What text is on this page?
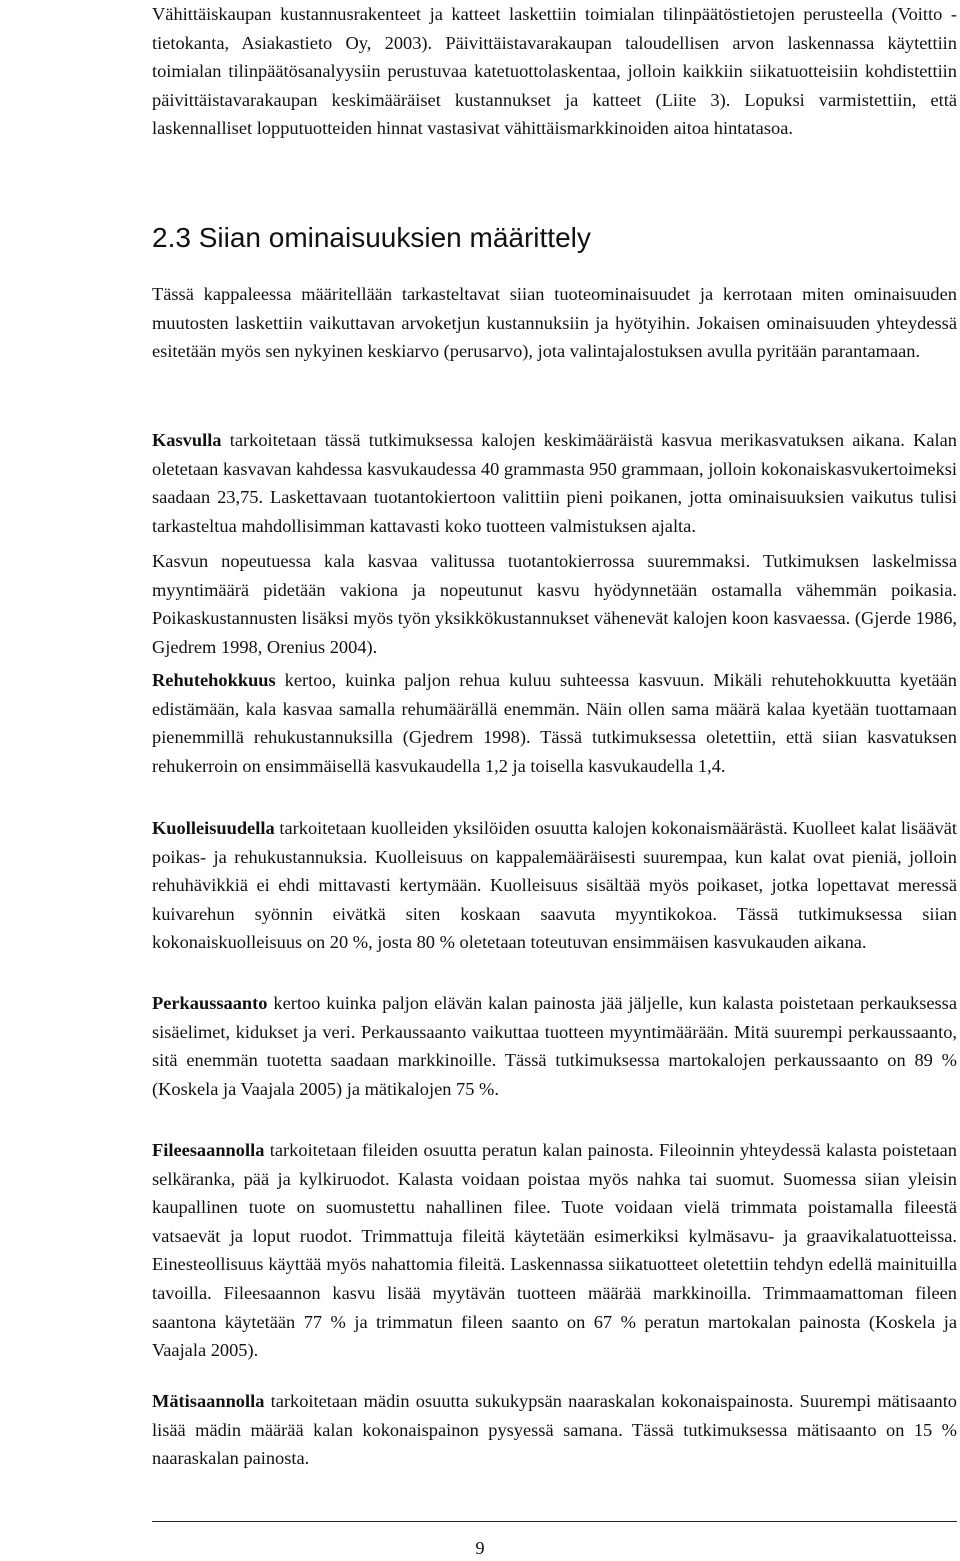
Vähittäiskaupan kustannusrakenteet ja katteet laskettiin toimialan tilinpäätöstietojen perusteella (Voitto -tietokanta, Asiakastieto Oy, 2003). Päivittäistavarakaupan taloudellisen arvon laskennassa käytettiin toimialan tilinpäätösanalyysiin perustuvaa katetuottolaskentaa, jolloin kaikkiin siikatuotteisiin kohdistettiin päivittäistavarakaupan keskimääräiset kustannukset ja katteet (Liite 3). Lopuksi varmistettiin, että laskennalliset lopputuotteiden hinnat vastasivat vähittäismarkkinoiden aitoa hintatasoa.

2.3 Siian ominaisuuksien määrittely

Tässä kappaleessa määritellään tarkasteltavat siian tuoteominaisuudet ja kerrotaan miten ominaisuuden muutosten laskettiin vaikuttavan arvoketjun kustannuksiin ja hyötyihin. Jokaisen ominaisuuden yhteydessä esitetään myös sen nykyinen keskiarvo (perusarvo), jota valintajalostuksen avulla pyritään parantamaan.

Kasvulla tarkoitetaan tässä tutkimuksessa kalojen keskimääräistä kasvua merikasvatuksen aikana. Kalan oletetaan kasvavan kahdessa kasvukaudessa 40 grammasta 950 grammaan, jolloin kokonaiskasvukertoimeksi saadaan 23,75. Laskettavaan tuotantokiertoon valittiin pieni poikanen, jotta ominaisuuksien vaikutus tulisi tarkasteltua mahdollisimman kattavasti koko tuotteen valmistuksen ajalta.

Kasvun nopeutuessa kala kasvaa valitussa tuotantokierrossa suuremmaksi. Tutkimuksen laskelmissa myyntimäärä pidetään vakiona ja nopeutunut kasvu hyödynnetään ostamalla vähemmän poikasia. Poikaskustannusten lisäksi myös työn yksikkökustannukset vähenevät kalojen koon kasvaessa. (Gjerde 1986, Gjedrem 1998, Orenius 2004).

Rehutehokkuus kertoo, kuinka paljon rehua kuluu suhteessa kasvuun. Mikäli rehutehokkuutta kyetään edistämään, kala kasvaa samalla rehumäärällä enemmän. Näin ollen sama määrä kalaa kyetään tuottamaan pienemmillä rehukustannuksilla (Gjedrem 1998). Tässä tutkimuksessa oletettiin, että siian kasvatuksen rehukerroin on ensimmäisellä kasvukaudella 1,2 ja toisella kasvukaudella 1,4.

Kuolleisuudella tarkoitetaan kuolleiden yksilöiden osuutta kalojen kokonaismäärästä. Kuolleet kalat lisäävät poikas- ja rehukustannuksia. Kuolleisuus on kappalemääräisesti suurempaa, kun kalat ovat pieniä, jolloin rehuhävikkiä ei ehdi mittavasti kertymään. Kuolleisuus sisältää myös poikaset, jotka lopettavat meressä kuivarehun syönnin eivätkä siten koskaan saavuta myyntikokoa. Tässä tutkimuksessa siian kokonaiskuolleisuus on 20 %, josta 80 % oletetaan toteutuvan ensimmäisen kasvukauden aikana.

Perkaussaanto kertoo kuinka paljon elävän kalan painosta jää jäljelle, kun kalasta poistetaan perkauksessa sisäelimet, kidukset ja veri. Perkaussaanto vaikuttaa tuotteen myyntimäärään. Mitä suurempi perkaussaanto, sitä enemmän tuotetta saadaan markkinoille. Tässä tutkimuksessa martokalojen perkaussaanto on 89 % (Koskela ja Vaajala 2005) ja mätikalojen 75 %.

Fileesaannolla tarkoitetaan fileiden osuutta peratun kalan painosta. Fileoinnin yhteydessä kalasta poistetaan selkäranka, pää ja kylkiruodot. Kalasta voidaan poistaa myös nahka tai suomut. Suomessa siian yleisin kaupallinen tuote on suomustettu nahallinen filee. Tuote voidaan vielä trimmata poistamalla fileestä vatsaevät ja loput ruodot. Trimmattuja fileitä käytetään esimerkiksi kylmäsavu- ja graavikalatuotteissa. Einesteollisuus käyttää myös nahattomia fileitä. Laskennassa siikatuotteet oletettiin tehdyn edellä mainituilla tavoilla. Fileesaannon kasvu lisää myytävän tuotteen määrää markkinoilla. Trimmaamattoman fileen saantona käytetään 77 % ja trimmatun fileen saanto on 67 % peratun martokalan painosta (Koskela ja Vaajala 2005).

Mätisaannolla tarkoitetaan mädin osuutta sukukypsän naaraskalan kokonaispainosta. Suurempi mätisaanto lisää mädin määrää kalan kokonaispainon pysyessä samana. Tässä tutkimuksessa mätisaanto on 15 % naaraskalan painosta.

9
